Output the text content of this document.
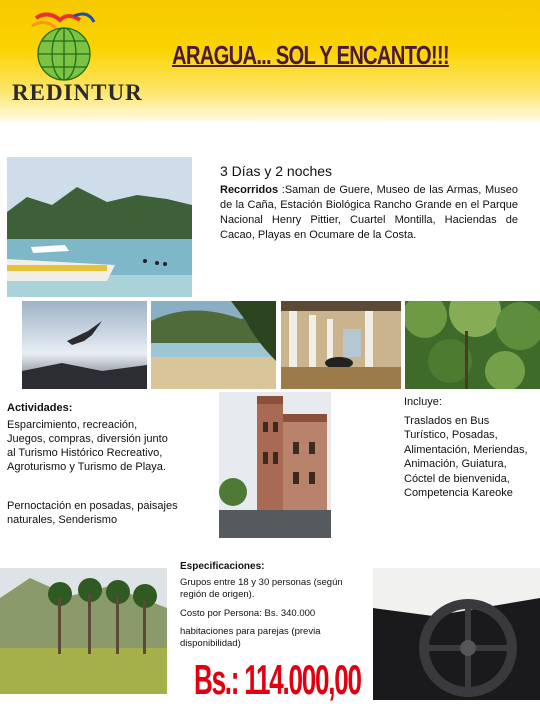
REDINTUR
ARAGUA... SOL Y ENCANTO!!!
3 Días y 2 noches
Recorridos :Saman de Guere, Museo de las Armas, Museo de la Caña, Estación Biológica Rancho Grande en el Parque Nacional Henry Pittier, Cuartel Montilla, Haciendas de Cacao, Playas en Ocumare de la Costa.
Actividades:
Esparcimiento, recreación, Juegos, compras, diversión junto al Turismo Histórico Recreativo, Agroturismo y Turismo de Playa.
Pernoctación en posadas, paisajes naturales, Senderismo
Incluye:
Traslados en Bus Turístico, Posadas, Alimentación, Meriendas, Animación, Guiatura, Cóctel de bienvenida, Competencia Kareoke
Especificaciones:
Grupos entre 18 y 30 personas (según región de origen).
Costo por Persona: Bs. 340.000
habitaciones para parejas (previa disponibilidad)
Bs.: 114.000,00
